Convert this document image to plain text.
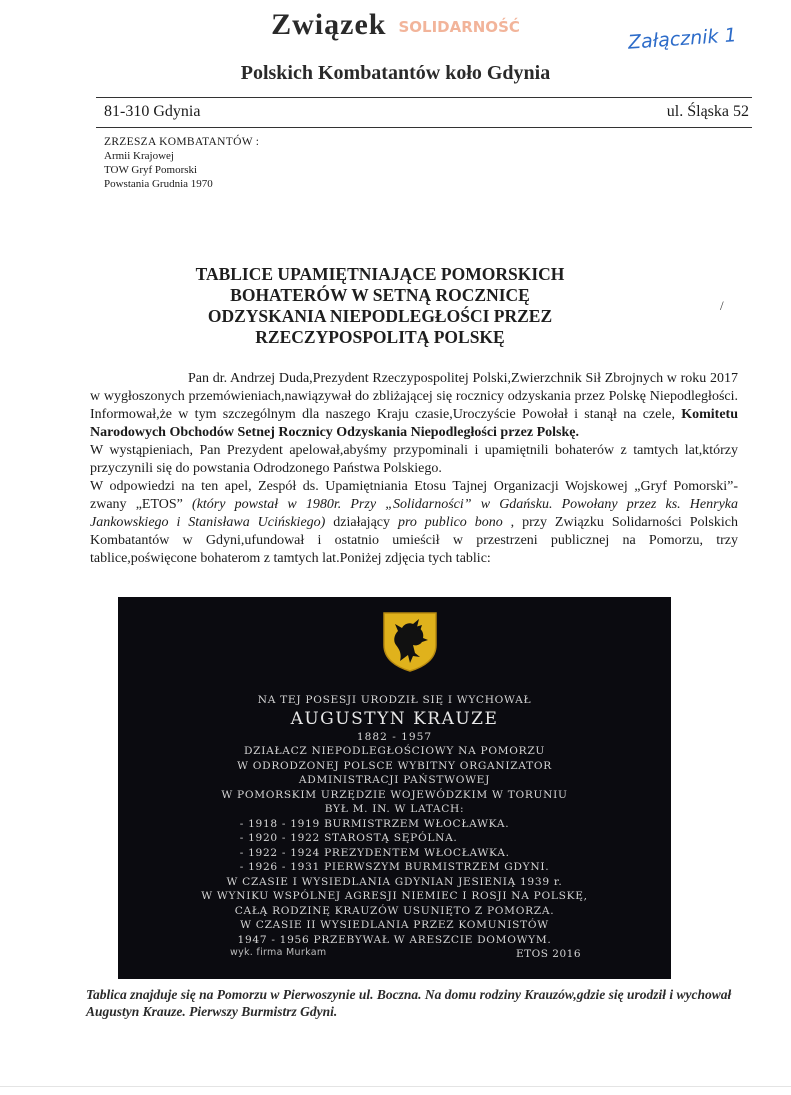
Związek SOLIDARNOŚĆ	Załącznik 1
Polskich Kombatantów koło Gdynia
81-310 Gdynia	ul. Śląska 52
ZRZESZA KOMBATANTÓW :
Armii Krajowej
TOW Gryf Pomorski
Powstania Grudnia 1970
TABLICE UPAMIĘTNIAJĄCE POMORSKICH
BOHATERÓW W SETNĄ ROCZNICĘ
ODZYSKANIA NIEPODLEGŁOŚCI PRZEZ
RZECZYPOSPOLITĄ POLSKĘ
/

Pan dr. Andrzej Duda,Prezydent Rzeczypospolitej Polski,Zwierzchnik Sił Zbrojnych w roku 2017 w wygłoszonych przemówieniach,nawiązywał do zbliżającej się rocznicy odzyskania przez Polskę Niepodległości. Informował,że w tym szczególnym dla naszego Kraju czasie,Uroczyście Powołał i stanął na czele, Komitetu Narodowych Obchodów Setnej Rocznicy Odzyskania Niepodległości przez Polskę.

W wystąpieniach, Pan Prezydent apelował,abyśmy przypominali i upamiętnili bohaterów z tamtych lat,którzy przyczynili się do powstania Odrodzonego Państwa Polskiego.

W odpowiedzi na ten apel, Zespół ds. Upamiętniania Etosu Tajnej Organizacji Wojskowej „Gryf Pomorski”- zwany „ETOS” (który powstał w 1980r. Przy „Solidarności” w Gdańsku. Powołany przez ks. Henryka Jankowskiego i Stanisława Ucińskiego) działający pro publico bono , przy Związku Solidarności Polskich Kombatantów w Gdyni,ufundował i ostatnio umieścił w przestrzeni publicznej na Pomorzu, trzy tablice,poświęcone bohaterom z tamtych lat.Poniżej zdjęcia tych tablic:

NA TEJ POSESJI URODZIŁ SIĘ I WYCHOWAŁ
AUGUSTYN KRAUZE
1882 - 1957
DZIAŁACZ NIEPODLEGŁOŚCIOWY NA POMORZU
W ODRODZONEJ POLSCE WYBITNY ORGANIZATOR
ADMINISTRACJI PAŃSTWOWEJ
W POMORSKIM URZĘDZIE WOJEWÓDZKIM W TORUNIU
BYŁ M. IN. W LATACH:
- 1918 - 1919 BURMISTRZEM WŁOCŁAWKA.
- 1920 - 1922 STAROSTĄ SĘPÓLNA.
- 1922 - 1924 PREZYDENTEM WŁOCŁAWKA.
- 1926 - 1931 PIERWSZYM BURMISTRZEM GDYNI.
W CZASIE I WYSIEDLANIA GDYNIAN JESIENIĄ 1939 r.
W WYNIKU WSPÓLNEJ AGRESJI NIEMIEC I ROSJI NA POLSKĘ,
CAŁĄ RODZINĘ KRAUZÓW USUNIĘTO Z POMORZA.
W CZASIE II WYSIEDLANIA PRZEZ KOMUNISTÓW
1947 - 1956 PRZEBYWAŁ W ARESZCIE DOMOWYM.
wyk. firma Murkam	ETOS 2016
Tablica znajduje się na Pomorzu w Pierwoszynie ul. Boczna. Na domu rodziny Krauzów,gdzie się urodził i wychował Augustyn Krauze. Pierwszy Burmistrz Gdyni.
